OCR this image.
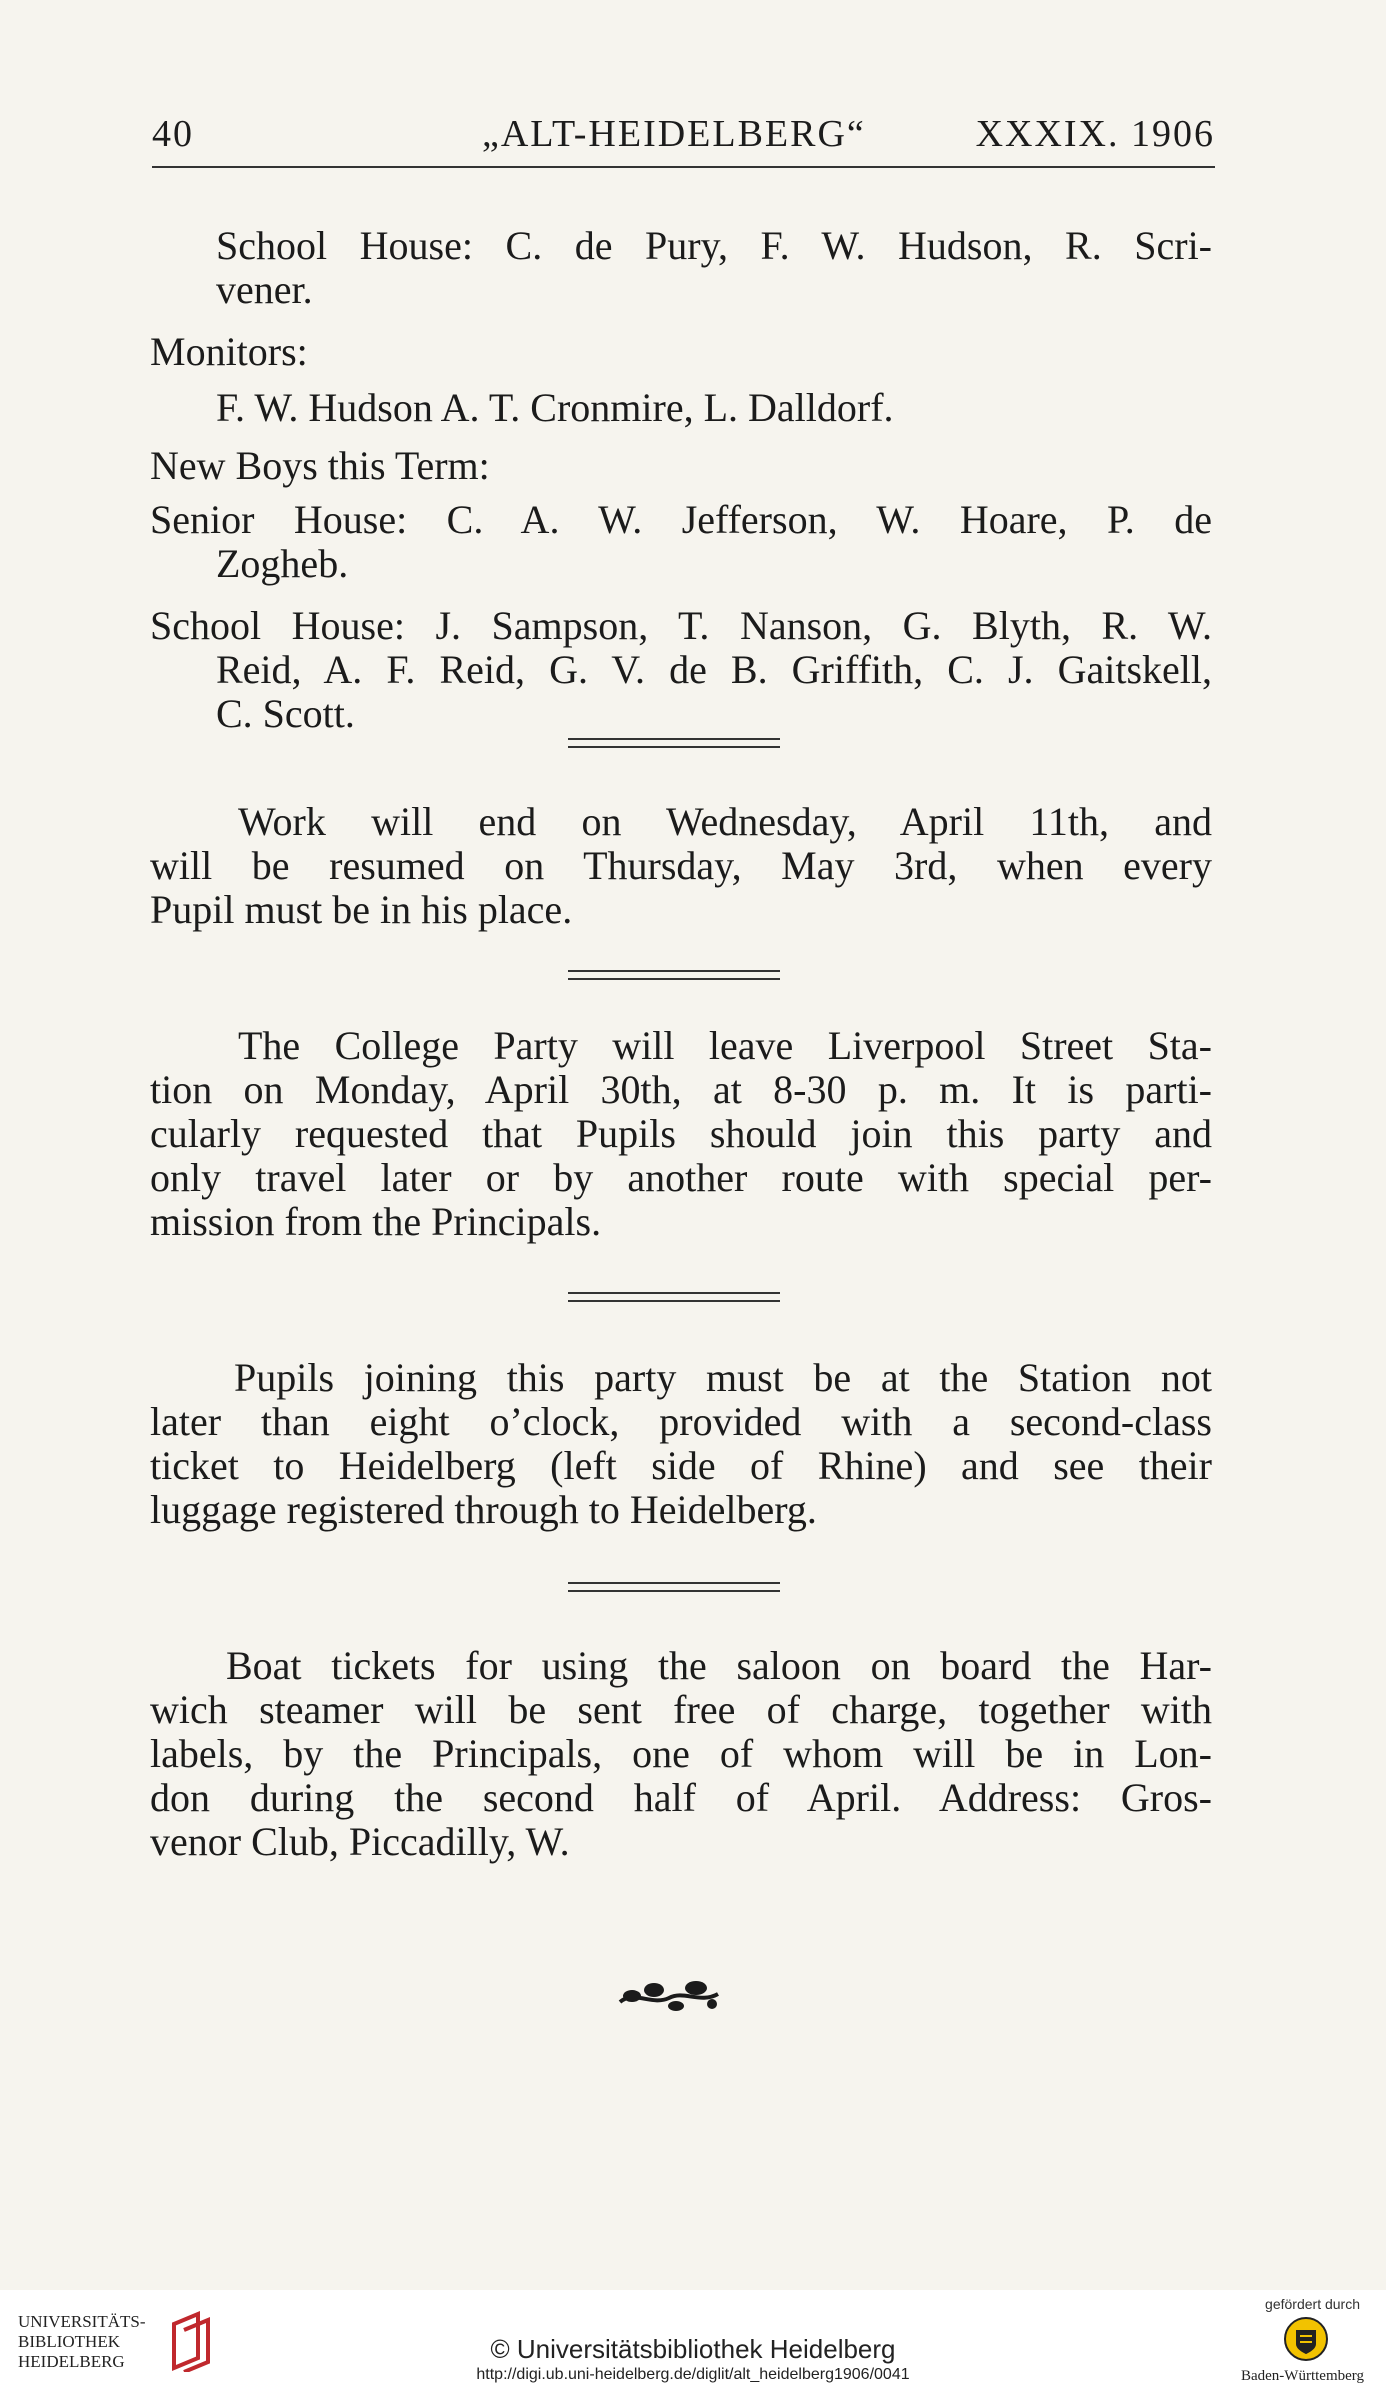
40	„ALT-HEIDELBERG“	XXXIX. 1906
School House: C. de Pury, F. W. Hudson, R. Scri-
vener.
Monitors:
F. W. Hudson A. T. Cronmire, L. Dalldorf.
New Boys this Term:
Senior House: C. A. W. Jefferson, W. Hoare, P. de
Zogheb.
School House: J. Sampson, T. Nanson, G. Blyth, R. W.
Reid, A. F. Reid, G. V. de B. Griffith, C. J. Gaitskell,
C. Scott.
Work will end on Wednesday, April 11th, and
will be resumed on Thursday, May 3rd, when every
Pupil must be in his place.
The College Party will leave Liverpool Street Sta-
tion on Monday, April 30th, at 8-30 p. m. It is parti-
cularly requested that Pupils should join this party and
only travel later or by another route with special per-
mission from the Principals.
Pupils joining this party must be at the Station not
later than eight o’clock, provided with a second-class
ticket to Heidelberg (left side of Rhine) and see their
luggage registered through to Heidelberg.
Boat tickets for using the saloon on board the Har-
wich steamer will be sent free of charge, together with
labels, by the Principals, one of whom will be in Lon-
don during the second half of April. Address: Gros-
venor Club, Piccadilly, W.
UNIVERSITÄTS-
BIBLIOTHEK
HEIDELBERG	© Universitätsbibliothek Heidelberg
http://digi.ub.uni-heidelberg.de/diglit/alt_heidelberg1906/0041
gefördert durch
Baden-Württemberg
